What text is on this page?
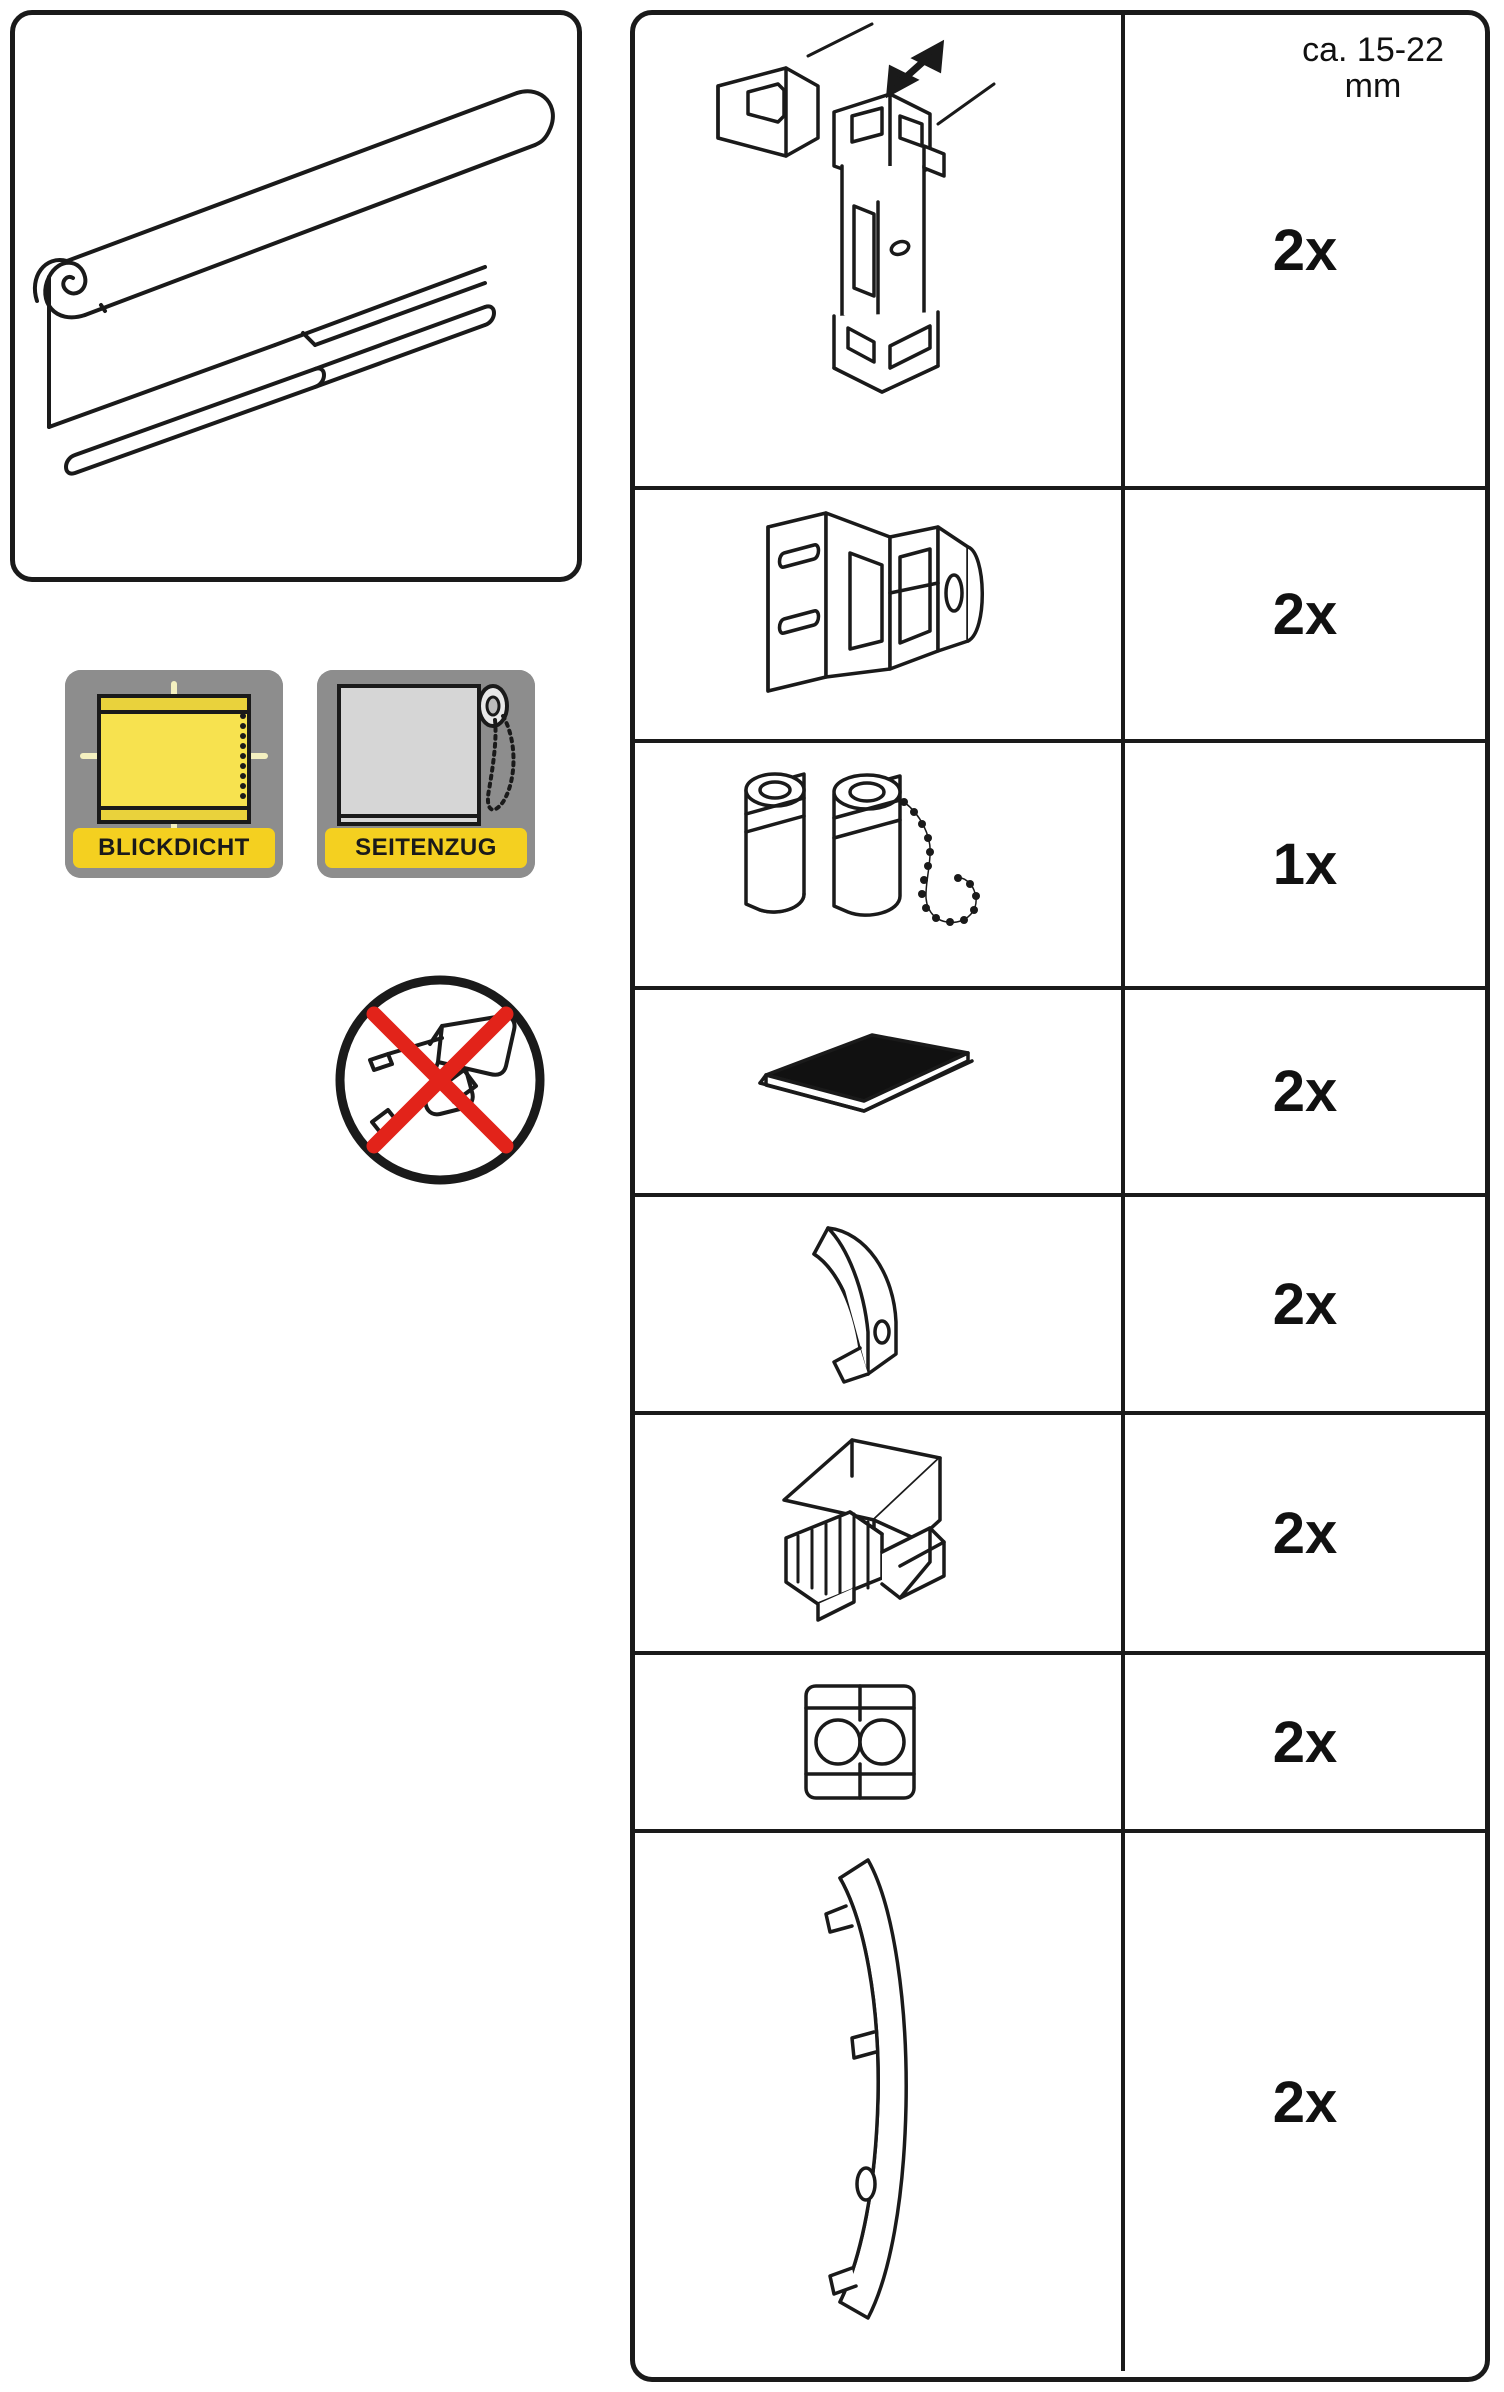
BLICKDICHT	SEITENZUG
ca. 15-22
mm
2x
2x
1x
2x
2x
2x
2x
2x
